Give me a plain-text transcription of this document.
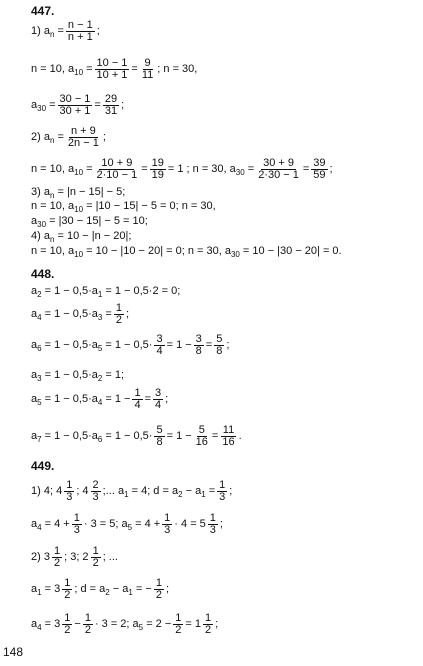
447.
1) a n
= $\frac{n - 1}{n + 1}$ ;
n = 10, a 10
= $\frac{10 - 1}{10 + 1} = \frac{9}{11}$ ; n = 30,
a 30
= $\frac{30 - 1}{30 + 1} = \frac{29}{31}$ ;
2) a n
= $\frac{n + 9}{2n - 1}$ ;
n = 10, a 10
= $\frac{10 + 9}{2\cdot 10 - 1} = \frac{19}{19} = 1$ ; n = 30, a 30
= $\frac{30 + 9}{2\cdot 30 - 1} = \frac{39}{59}$ ;
3) $a_n = |n - 15| - 5$;
n = 10, $a_{10} = |10 - 15| - 5 = 0$; n = 30,
$a_{30} = |30 - 15| - 5 = 10$;
4) $a_n = 10 - |n - 20|$;
n = 10, $a_{10} = 10 - |10 - 20| = 0$; n = 30, $a_{30} = 10 - |30 - 20| = 0$.
448.
$a_2 = 1 - 0,5\cdot a_1 = 1 - 0,5\cdot 2 = 0$;
a 4
= 1 − 0,5·a 3
= $\frac{1}{2}$ ;
a 6
= 1 − 0,5·a 5
= $1 - 0,5\cdot \frac{3}{4} = 1 - \frac{3}{8} = \frac{5}{8}$ ;
$a_3 = 1 - 0,5\cdot a_2 = 1$;
a 5
= 1 − 0,5·a 4
= $1 - \frac{1}{4} = \frac{3}{4}$ ;
a 7
= 1 − 0,5·a 6
= $1 - 0,5\cdot \frac{5}{8} = 1 - \frac{5}{16} = \frac{11}{16}$ .
449.
1) 4; $4 \frac{1}{3}$ ; $4 \frac{2}{3}$ ;... a 1
= 4; d = a 2
− a 1
= $\frac{1}{3}$ ;
a 4
= $4 + \frac{1}{3} \cdot 3 = 5$; a 5
= $4 + \frac{1}{3} \cdot 4 = 5 \frac{1}{3}$ ;
2) $3 \frac{1}{2}$ ; 3; $2 \frac{1}{2}$ ; ...
a 1
= $3 \frac{1}{2}$ ; d = a 2
− a 1
= − $\frac{1}{2}$ ;
a 4
= $3 \frac{1}{2} - \frac{1}{2} \cdot 3 = 2$; a 5
= $2 - \frac{1}{2} = 1 \frac{1}{2}$ ;
148
